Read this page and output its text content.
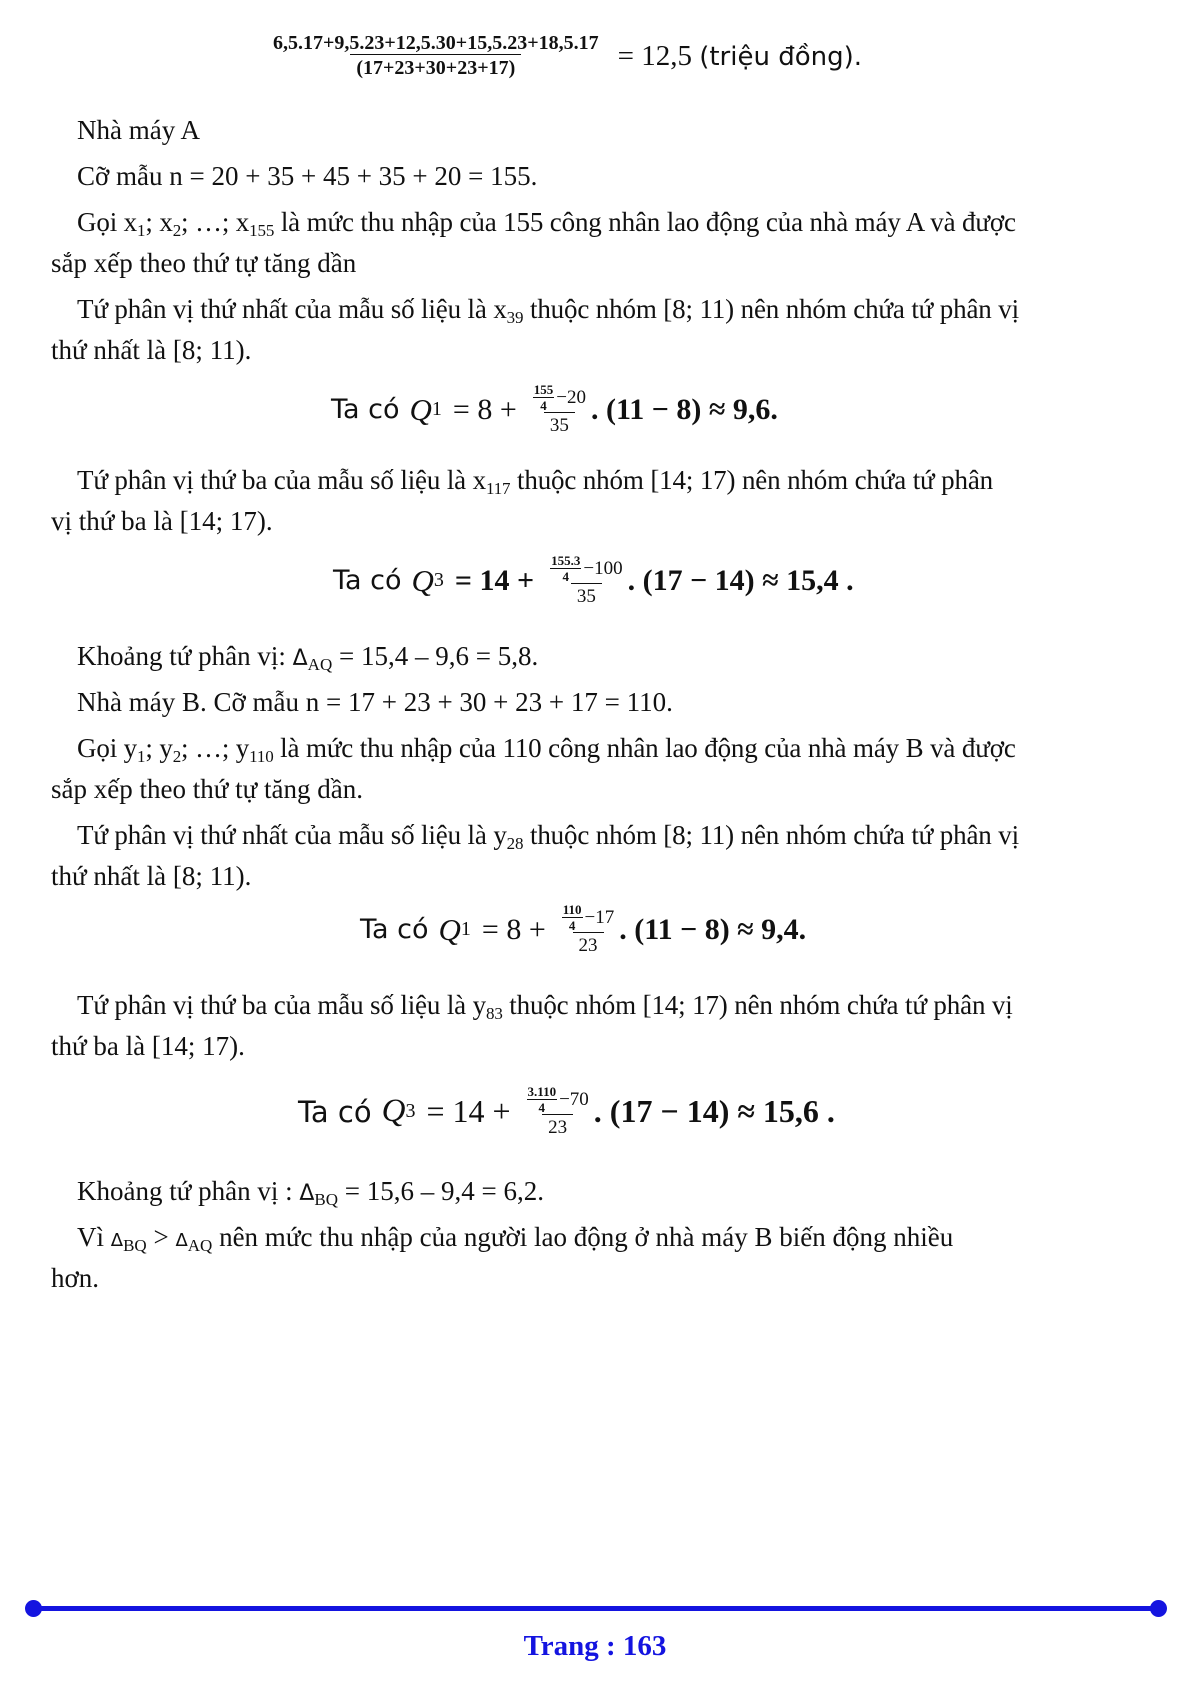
$\frac{6,5.17+9,5.23+12,5.30+15,5.23+18,5.17}{(17+23+30+23+17)} = 12,5$ (triệu đồng).
Nhà máy A
Cỡ mẫu n = 20 + 35 + 45 + 35 + 20 = 155.
Gọi $x_1$; $x_2$; …; $x_{155}$ là mức thu nhập của 155 công nhân lao động của nhà máy A và được
sắp xếp theo thứ tự tăng dần
Tứ phân vị thứ nhất của mẫu số liệu là $x_{39}$ thuộc nhóm [8; 11) nên nhóm chứa tứ phân vị
thứ nhất là [8; 11).
Ta có Q 1 = 8 + 155
4 −20
35 . (11 − 8) ≈ 9,6.
Tứ phân vị thứ ba của mẫu số liệu là $x_{117}$ thuộc nhóm [14; 17) nên nhóm chứa tứ phân
vị thứ ba là [14; 17).
Ta có Q 3 = 14 + 155.3
4 −100
35 . (17 − 14) ≈ 15,4 .
Khoảng tứ phân vị: $\Delta_{AQ} = 15,4 - 9,6 = 5,8$.
Nhà máy B. Cỡ mẫu n = 17 + 23 + 30 + 23 + 17 = 110.
Gọi $y_1$; $y_2$; …; $y_{110}$ là mức thu nhập của 110 công nhân lao động của nhà máy B và được
sắp xếp theo thứ tự tăng dần.
Tứ phân vị thứ nhất của mẫu số liệu là $y_{28}$ thuộc nhóm [8; 11) nên nhóm chứa tứ phân vị
thứ nhất là [8; 11).
Ta có Q 1 = 8 + 110
4 −17
23 . (11 − 8) ≈ 9,4.
Tứ phân vị thứ ba của mẫu số liệu là $y_{83}$ thuộc nhóm [14; 17) nên nhóm chứa tứ phân vị
thứ ba là [14; 17).
Ta có Q 3 = 14 + 3.110
4 −70
23 . (17 − 14) ≈ 15,6 .
Khoảng tứ phân vị : $\Delta_{BQ} = 15,6 - 9,4 = 6,2$.
Vì $\Delta_{BQ} > \Delta_{AQ}$ nên mức thu nhập của người lao động ở nhà máy B biến động nhiều
hơn.
Trang : 163
